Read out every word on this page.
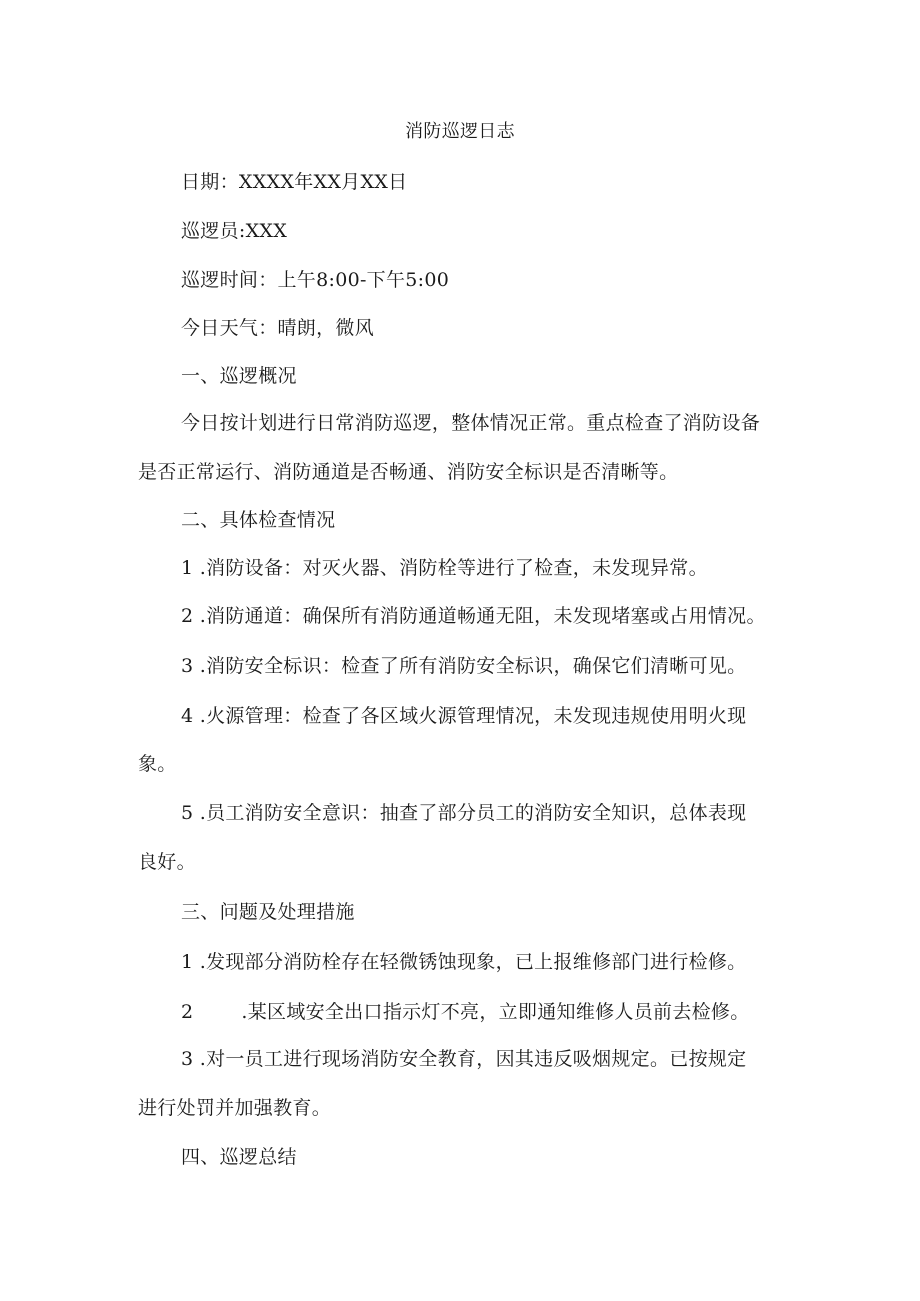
消防巡逻日志

日期：XXXX年XX月XX日

巡逻员:XXX

巡逻时间：上午8:00-下午5:00

今日天气：晴朗，微风

一、巡逻概况

今日按计划进行日常消防巡逻，整体情况正常。重点检查了消防设备

是否正常运行、消防通道是否畅通、消防安全标识是否清晰等。

二、具体检查情况

1 .消防设备：对灭火器、消防栓等进行了检查，未发现异常。

2 .消防通道：确保所有消防通道畅通无阻，未发现堵塞或占用情况。

3 .消防安全标识：检查了所有消防安全标识，确保它们清晰可见。

4 .火源管理：检查了各区域火源管理情况，未发现违规使用明火现

象。

5 .员工消防安全意识：抽查了部分员工的消防安全知识，总体表现

良好。

三、问题及处理措施

1 .发现部分消防栓存在轻微锈蚀现象，已上报维修部门进行检修。

2	.某区域安全出口指示灯不亮，立即通知维修人员前去检修。

3 .对一员工进行现场消防安全教育，因其违反吸烟规定。已按规定

进行处罚并加强教育。

四、巡逻总结
